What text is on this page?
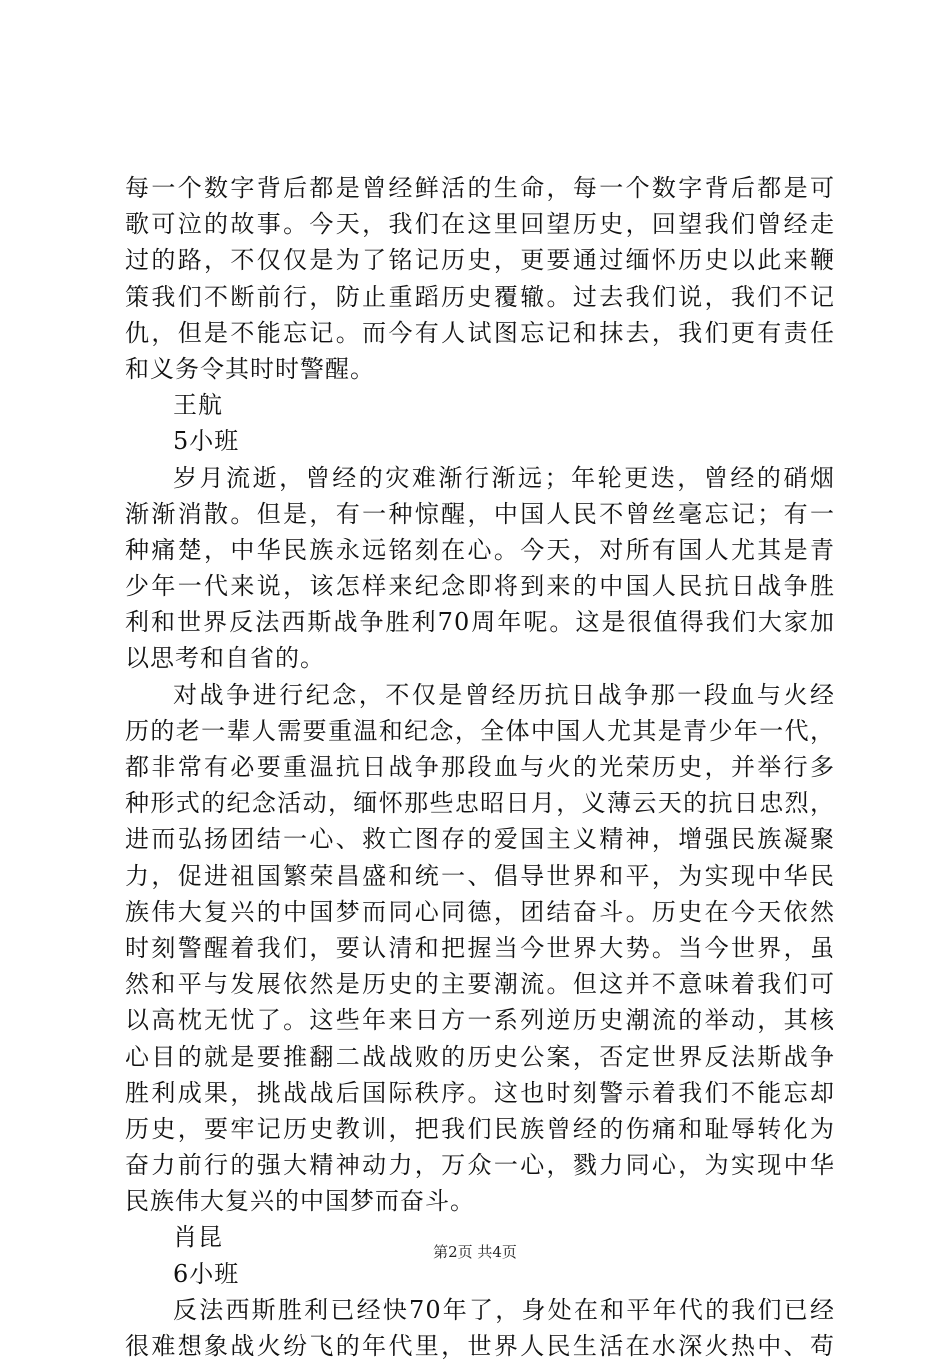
每一个数字背后都是曾经鲜活的生命，每一个数字背后都是可
歌可泣的故事。今天，我们在这里回望历史，回望我们曾经走
过的路，不仅仅是为了铭记历史，更要通过缅怀历史以此来鞭
策我们不断前行，防止重蹈历史覆辙。过去我们说，我们不记
仇，但是不能忘记。而今有人试图忘记和抹去，我们更有责任
和义务令其时时警醒。
王航
5小班
岁月流逝，曾经的灾难渐行渐远；年轮更迭，曾经的硝烟
渐渐消散。但是，有一种惊醒，中国人民不曾丝毫忘记；有一
种痛楚，中华民族永远铭刻在心。今天，对所有国人尤其是青
少年一代来说，该怎样来纪念即将到来的中国人民抗日战争胜
利和世界反法西斯战争胜利70周年呢。这是很值得我们大家加
以思考和自省的。
对战争进行纪念，不仅是曾经历抗日战争那一段血与火经
历的老一辈人需要重温和纪念，全体中国人尤其是青少年一代，
都非常有必要重温抗日战争那段血与火的光荣历史，并举行多
种形式的纪念活动，缅怀那些忠昭日月，义薄云天的抗日忠烈，
进而弘扬团结一心、救亡图存的爱国主义精神，增强民族凝聚
力，促进祖国繁荣昌盛和统一、倡导世界和平，为实现中华民
族伟大复兴的中国梦而同心同德，团结奋斗。历史在今天依然
时刻警醒着我们，要认清和把握当今世界大势。当今世界，虽
然和平与发展依然是历史的主要潮流。但这并不意味着我们可
以高枕无忧了。这些年来日方一系列逆历史潮流的举动，其核
心目的就是要推翻二战战败的历史公案，否定世界反法斯战争
胜利成果，挑战战后国际秩序。这也时刻警示着我们不能忘却
历史，要牢记历史教训，把我们民族曾经的伤痛和耻辱转化为
奋力前行的强大精神动力，万众一心，戮力同心，为实现中华
民族伟大复兴的中国梦而奋斗。
肖昆
6小班
反法西斯胜利已经快70年了，身处在和平年代的我们已经
很难想象战火纷飞的年代里，世界人民生活在水深火热中、苟
第2页 共4页
